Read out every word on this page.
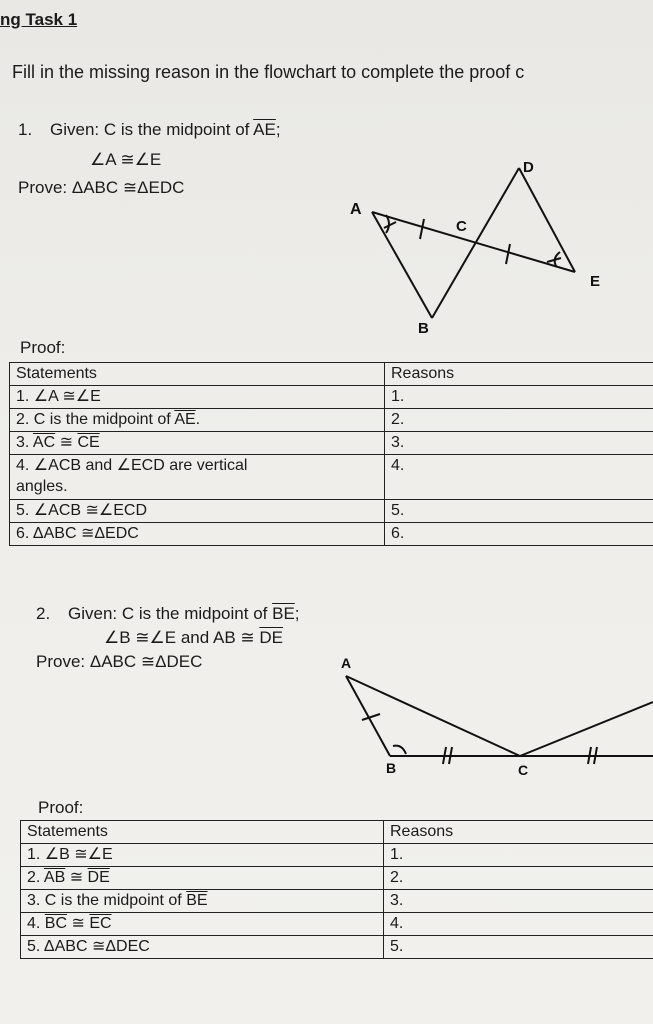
ng Task 1
Fill in the missing reason in the flowchart to complete the proof c
1. Given: C is the midpoint of $\overline{AE}$;
∠A ≅∠E
Prove: ΔABC ≅ΔEDC
A
B
C
D
E
Proof:
Statements	Reasons
1. ∠A ≅∠E	1.
2. C is the midpoint of $\overline{AE}$.	2.
3. $\overline{AC}$ ≅ $\overline{CE}$	3.
4. ∠ACB and ∠ECD are vertical
angles.	4.
5. ∠ACB ≅∠ECD	5.
6. ΔABC ≅ΔEDC	6.
2. Given: C is the midpoint of $\overline{BE}$;
∠B ≅∠E and AB ≅ $\overline{DE}$
Prove: ΔABC ≅ΔDEC	A
B	C
Proof:
Statements	Reasons
1. ∠B ≅∠E	1.
2. $\overline{AB}$ ≅ $\overline{DE}$	2.
3. C is the midpoint of $\overline{BE}$	3.
4. $\overline{BC}$ ≅ $\overline{EC}$	4.
5. ΔABC ≅ΔDEC	5.
